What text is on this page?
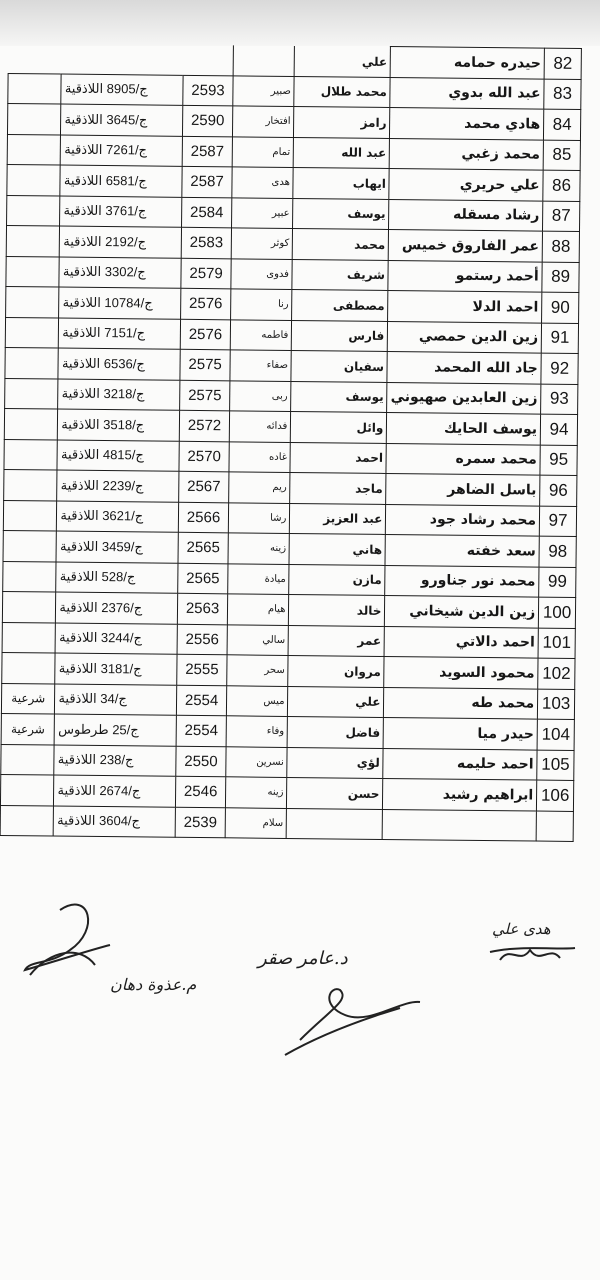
82	حيدره حمامه	علي				
83	عبد الله بدوي	محمد طلال	صبير	2593	ج/8905 اللاذقية	
84	هادي محمد	رامز	افتخار	2590	ج/3645 اللاذقية	
85	محمد زغبي	عبد الله	تمام	2587	ج/7261 اللاذقية	
86	علي حريري	ايهاب	هدى	2587	ج/6581 اللاذقية	
87	رشاد مسقله	يوسف	عبير	2584	ج/3761 اللاذقية	
88	عمر الفاروق خميس	محمد	كوثر	2583	ج/2192 اللاذقية	
89	أحمد رستمو	شريف	فدوى	2579	ج/3302 اللاذقية	
90	احمد الدلا	مصطفى	رنا	2576	ج/10784 اللاذقية	
91	زين الدين حمصي	فارس	فاطمه	2576	ج/7151 اللاذقية	
92	جاد الله المحمد	سفيان	صفاء	2575	ج/6536 اللاذقية	
93	زين العابدين صهيوني	يوسف	ربى	2575	ج/3218 اللاذقية	
94	يوسف الحايك	وائل	فدائه	2572	ج/3518 اللاذقية	
95	محمد سمره	احمد	غاده	2570	ج/4815 اللاذقية	
96	باسل الضاهر	ماجد	ريم	2567	ج/2239 اللاذقية	
97	محمد رشاد جود	عبد العزيز	رشا	2566	ج/3621 اللاذقية	
98	سعد خفته	هاني	زينه	2565	ج/3459 اللاذقية	
99	محمد نور جناورو	مازن	ميادة	2565	ج/528 اللاذقية	
100	زين الدين شيخاني	خالد	هيام	2563	ج/2376 اللاذقية	
101	احمد دالاتي	عمر	سالي	2556	ج/3244 اللاذقية	
102	محمود السويد	مروان	سحر	2555	ج/3181 اللاذقية	
103	محمد طه	علي	ميس	2554	ج/34 اللاذقية	شرعية
104	حيدر ميا	فاضل	وفاء	2554	ج/25 طرطوس	شرعية
105	احمد حليمه	لؤي	نسرين	2550	ج/238 اللاذقية	
106	ابراهيم رشيد	حسن	زينه	2546	ج/2674 اللاذقية	
			سلام	2539	ج/3604 اللاذقية	
م.عذوة دهان
د.عامر صقر
هدى علي
